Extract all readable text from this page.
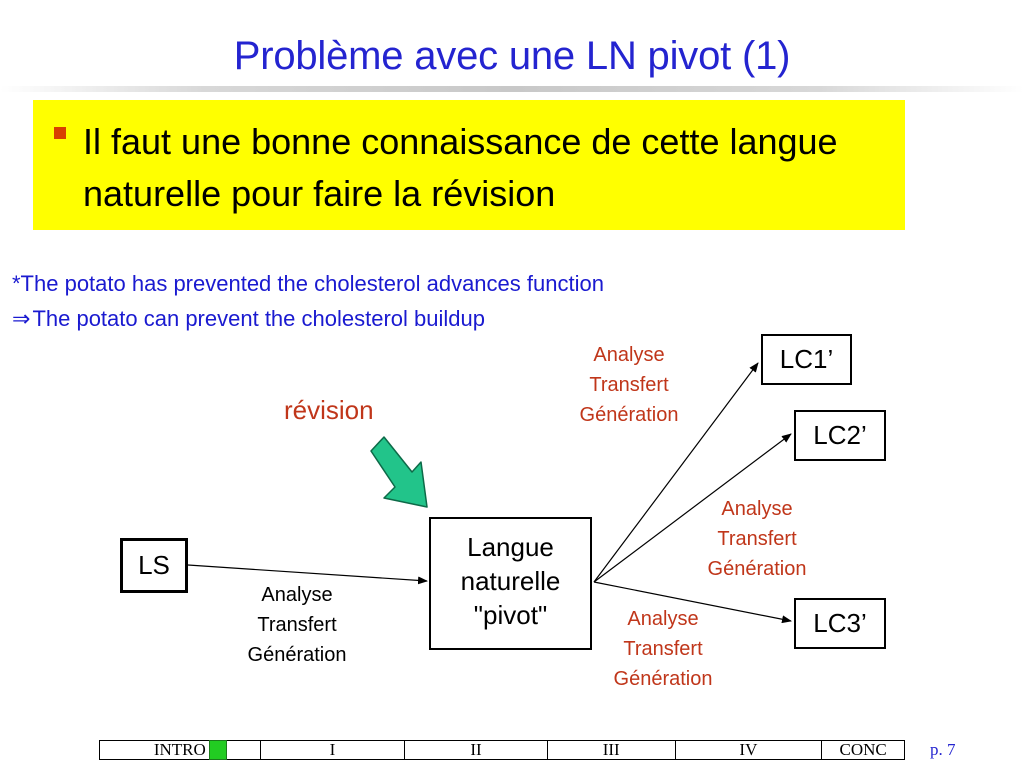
Problème avec une LN pivot (1)
Il faut une bonne connaissance de cette langue naturelle pour faire la révision
*The potato has prevented the cholesterol advances function
⇒The potato can prevent the cholesterol buildup
LS
Langue
naturelle
"pivot"
LC1’
LC2’
LC3’
révision
Analyse
Transfert
Génération
Analyse
Transfert
Génération
Analyse
Transfert
Génération
Analyse
Transfert
Génération
INTRO	I	II	III	IV	CONC	p. 7
